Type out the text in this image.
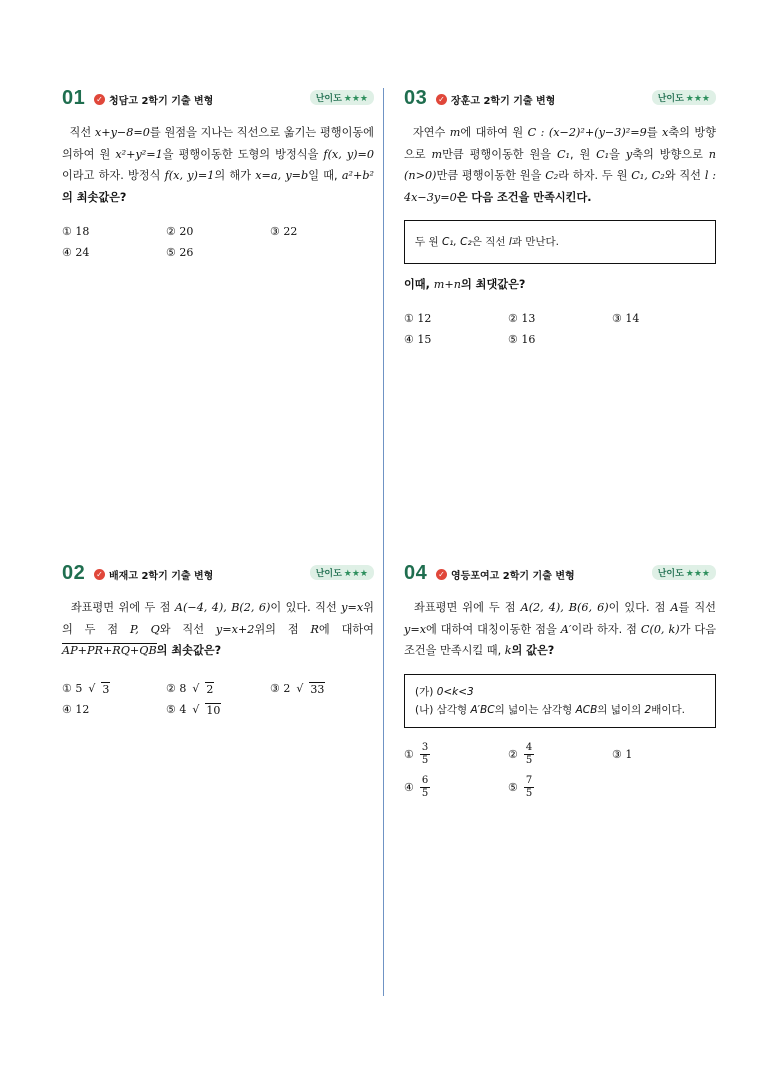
01 ✓ 청담고 2학기 기출 변형	난이도 ★★★

직선 x+y−8=0를 원점을 지나는 직선으로 옮기는 평행이동에 의하여 원 x²+y²=1을 평행이동한 도형의 방정식을 f(x, y)=0이라고 하자. 방정식 f(x, y)=1의 해가 x=a, y=b일 때, a²+b²의 최솟값은?

① 18	② 20	③ 22
④ 24	⑤ 26
02 ✓ 배재고 2학기 기출 변형	난이도 ★★★

좌표평면 위에 두 점 A(−4, 4), B(2, 6)이 있다. 직선 y=x위의 두 점 P, Q와 직선 y=x+2위의 점 R에 대하여 AP+PR+RQ+QB의 최솟값은?

① 5 √ 3	② 8 √ 2	③ 2 √ 33
④ 12	⑤ 4 √ 10
03 ✓ 장훈고 2학기 기출 변형	난이도 ★★★

자연수 m에 대하여 원 C : (x−2)²+(y−3)²=9를 x축의 방향으로 m만큼 평행이동한 원을 C₁, 원 C₁을 y축의 방향으로 n (n>0)만큼 평행이동한 원을 C₂라 하자. 두 원 C₁, C₂와 직선 l : 4x−3y=0은 다음 조건을 만족시킨다.

두 원 C₁, C₂은 직선 l과 만난다.

이때, m+n의 최댓값은?

① 12	② 13	③ 14
④ 15	⑤ 16
04 ✓ 영등포여고 2학기 기출 변형	난이도 ★★★

좌표평면 위에 두 점 A(2, 4), B(6, 6)이 있다. 점 A를 직선 y=x에 대하여 대칭이동한 점을 A′이라 하자. 점 C(0, k)가 다음 조건을 만족시킬 때, k의 값은?

(가) 0<k<3
(나) 삼각형 A′BC의 넓이는 삼각형 ACB의 넓이의 2배이다.
① $\frac{3}{5}$	② $\frac{4}{5}$	③ 1
④ $\frac{6}{5}$	⑤ $\frac{7}{5}$
